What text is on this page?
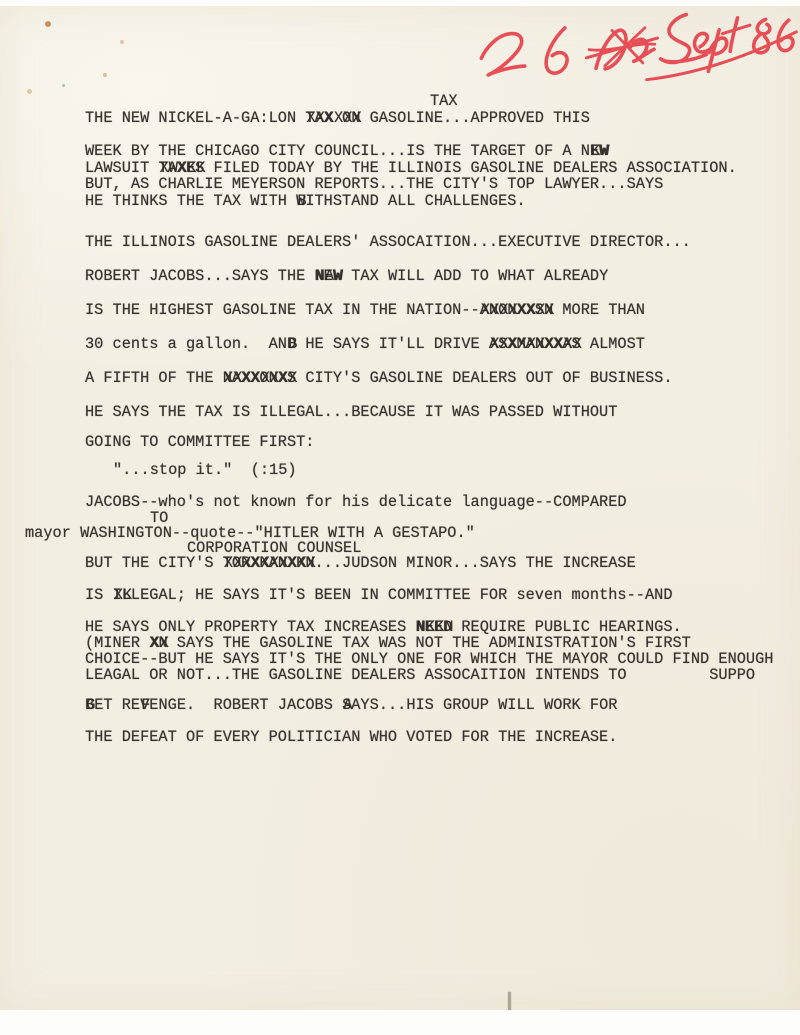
TAX
THE NEW NICKEL-A-GA:LON TAX ON XXXXXX GASOLINE...APPROVED THIS
WEEK BY THE CHICAGO CITY COUNCIL...IS THE TARGET OF A NEW KW
LAWSUIT TAXES XWXKK FILED TODAY BY THE ILLINOIS GASOLINE DEALERS ASSOCIATION.
BUT, AS CHARLIE MEYERSON REPORTS...THE CITY'S TOP LAWYER...SAYS
HE THINKS THE TAX WITH W BITHSTAND ALL CHALLENGES.
THE ILLINOIS GASOLINE DEALERS' ASSOCAITION...EXECUTIVE DIRECTOR...
ROBERT JACOBS...SAYS THE NEW NAW TAX WILL ADD TO WHAT ALREADY
IS THE HIGHEST GASOLINE TAX IN THE NATION--ANONXXSN XXXXXXXX MORE THAN
30 cents a gallon.  AND B HE SAYS IT'LL DRIVE ASXMANXXAS XXXXXXXXXX ALMOST
A FIFTH OF THE NAXXONXS XXXXXXXX CITY'S GASOLINE DEALERS OUT OF BUSINESS.
HE SAYS THE TAX IS ILLEGAL...BECAUSE IT WAS PASSED WITHOUT
GOING TO COMMITTEE FIRST:
"...stop it."  (:15)
JACOBS--who's not known for his delicate language--COMPARED
TO
mayor WASHINGTON--quote--"HITLER WITH A GESTAPO."
CORPORATION COUNSEL
BUT THE CITY'S TORXKANXKN XXXXXXXXXX...JUDSON MINOR...SAYS THE INCREASE
IS IL XKLEGAL; HE SAYS IT'S BEEN IN COMMITTEE FOR seven months--AND
HE SAYS ONLY PROPERTY TAX INCREASES NEED NKKN REQUIRE PUBLIC HEARINGS.
(MINER XN XX SAYS THE GASOLINE TAX WAS NOT THE ADMINISTRATION'S FIRST
CHOICE--BUT HE SAYS IT'S THE ONLY ONE FOR WHICH THE MAYOR COULD FIND ENOUGH
LEAGAL OR NOT...THE GASOLINE DEALERS ASSOCAITION INTENDS TO         SUPPO
B GET REV FENGE.  ROBERT JACOBS S AAYS...HIS GROUP WILL WORK FOR
THE DEFEAT OF EVERY POLITICIAN WHO VOTED FOR THE INCREASE.
